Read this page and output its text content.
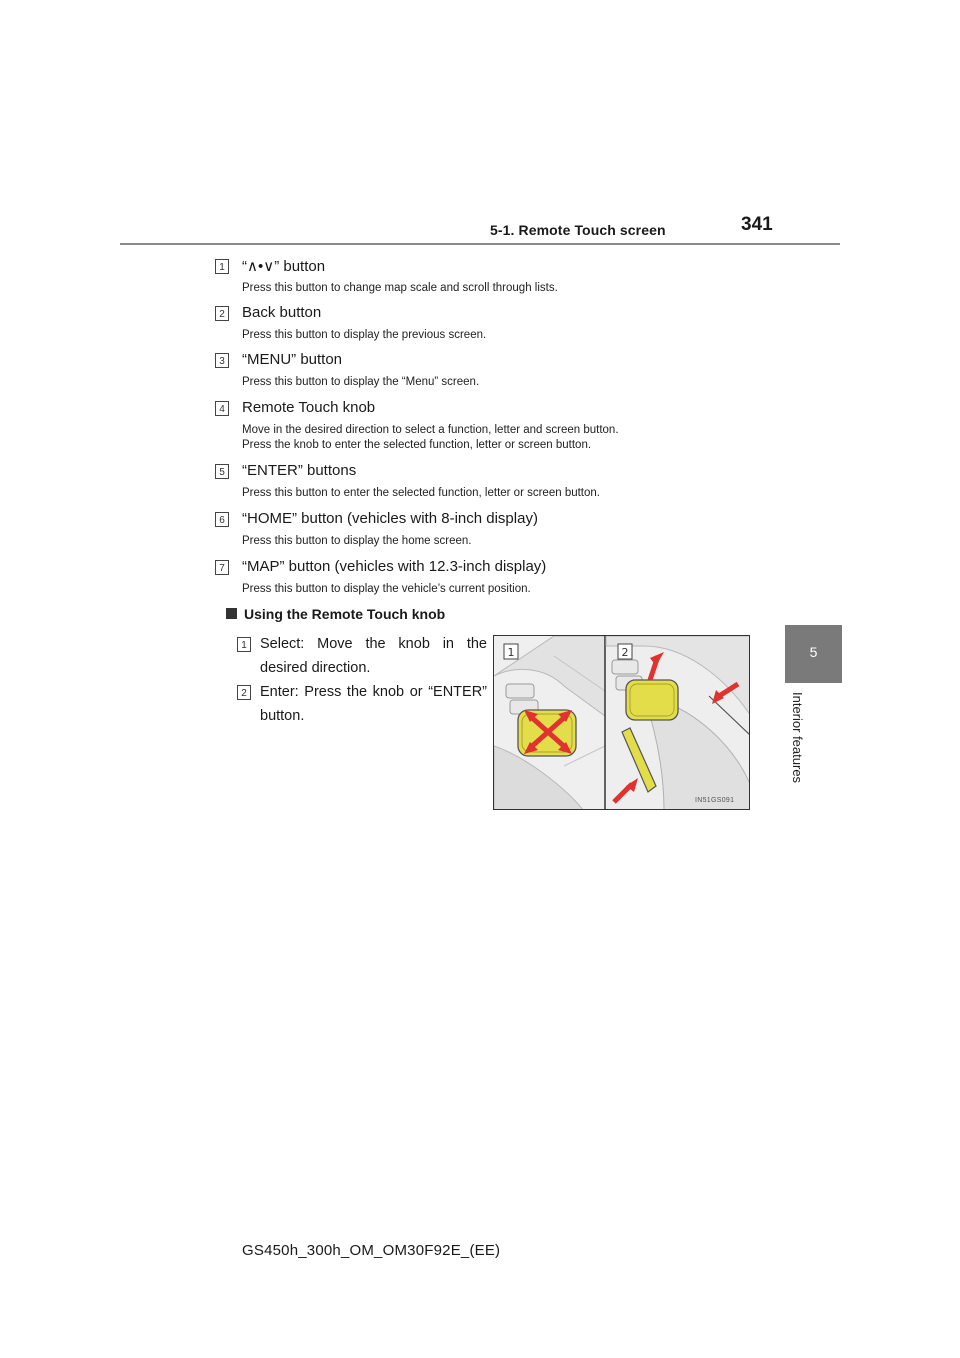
5-1. Remote Touch screen	341
5
Interior features
1 “∧•∨” button
Press this button to change map scale and scroll through lists.
2 Back button
Press this button to display the previous screen.
3 “MENU” button
Press this button to display the “Menu” screen.
4 Remote Touch knob
Move in the desired direction to select a function, letter and screen button.
Press the knob to enter the selected function, letter or screen button.
5 “ENTER” buttons
Press this button to enter the selected function, letter or screen button.
6 “HOME” button (vehicles with 8-inch display)
Press this button to display the home screen.
7 “MAP” button (vehicles with 12.3-inch display)
Press this button to display the vehicle’s current position.
Using the Remote Touch knob
1 Select: Move the knob in the desired direction.
2 Enter: Press the knob or “ENTER” button.
1	2
IN51GS091
GS450h_300h_OM_OM30F92E_(EE)
